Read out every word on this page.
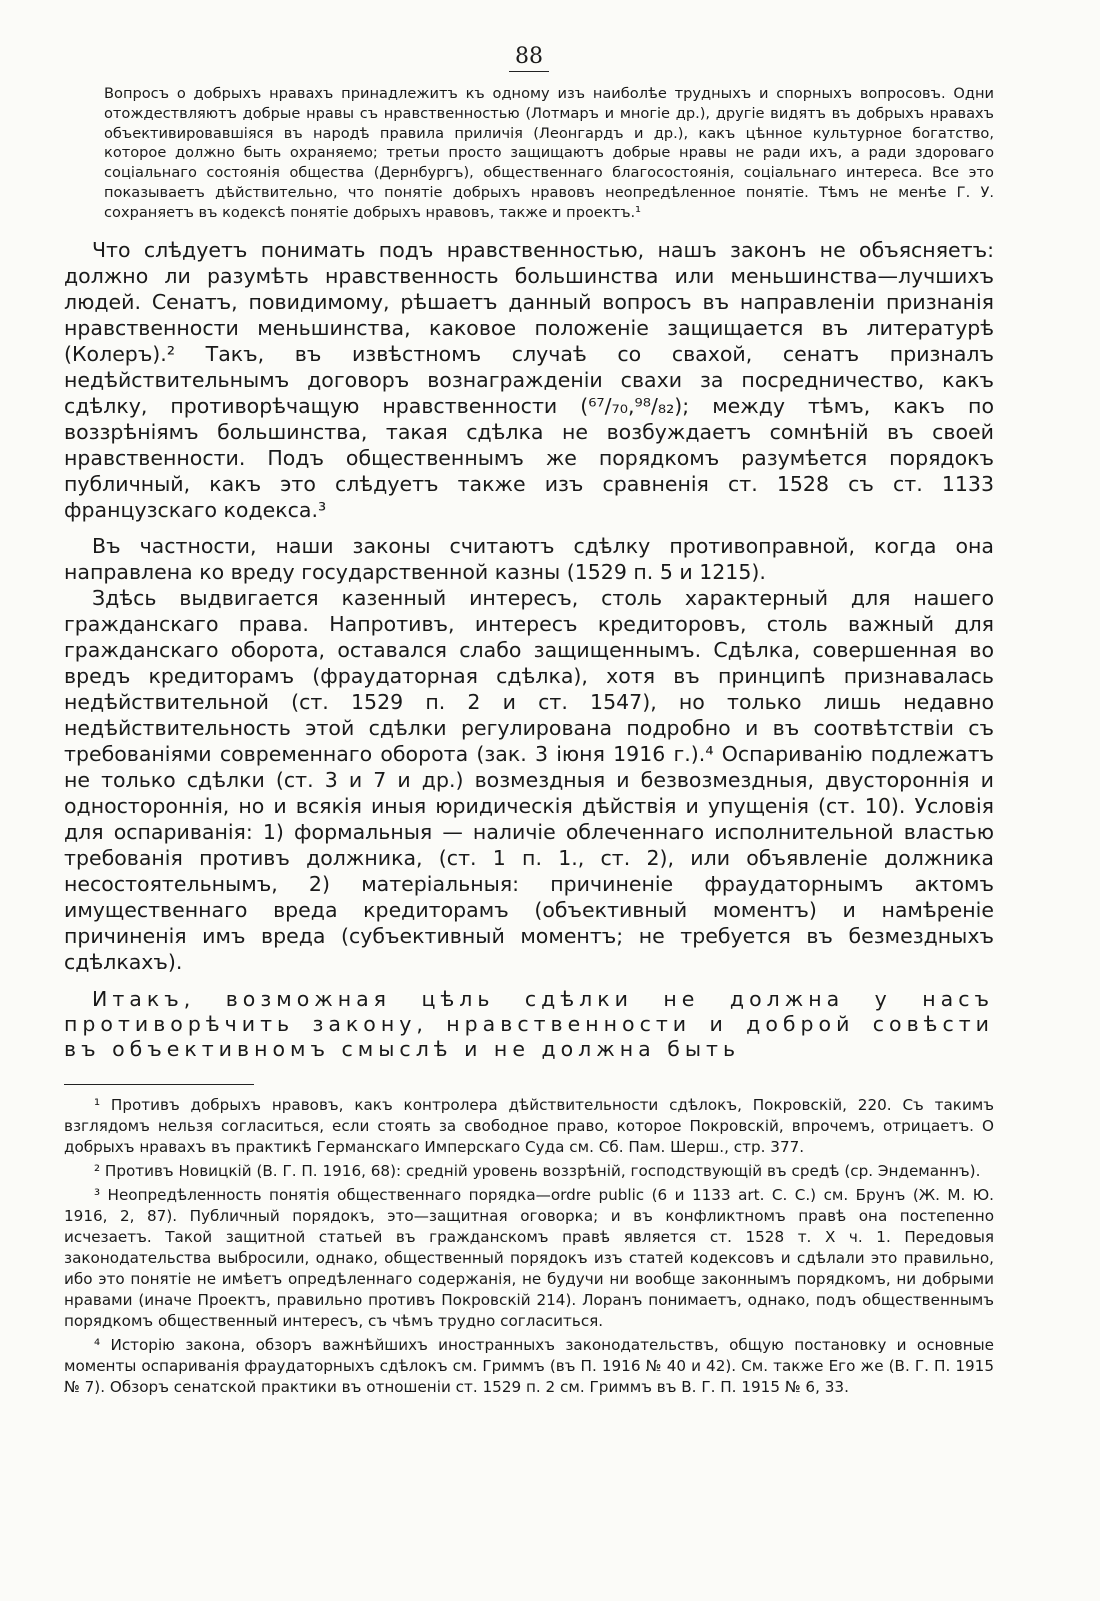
88

Вопросъ о добрыхъ нравахъ принадлежитъ къ одному изъ наиболѣе трудныхъ и спорныхъ вопросовъ. Одни отождествляютъ добрые нравы съ нравственностью (Лотмаръ и многіе др.), другіе видятъ въ добрыхъ нравахъ объективировавшіяся въ народѣ правила приличія (Леонгардъ и др.), какъ цѣнное культурное богатство, которое должно быть охраняемо; третьи просто защищаютъ добрые нравы не ради ихъ, а ради здороваго соціальнаго состоянія общества (Дернбургъ), общественнаго благосостоянія, соціальнаго интереса. Все это показываетъ дѣйствительно, что понятіе добрыхъ нравовъ неопредѣленное понятіе. Тѣмъ не менѣе Г. У. сохраняетъ въ кодексѣ понятіе добрыхъ нравовъ, также и проектъ.¹

Что слѣдуетъ понимать подъ нравственностью, нашъ законъ не объясняетъ: должно ли разумѣть нравственность большинства или меньшинства—лучшихъ людей. Сенатъ, повидимому, рѣшаетъ данный вопросъ въ направленіи признанія нравственности меньшинства, каковое положеніе защищается въ литературѣ (Колеръ).² Такъ, въ извѣстномъ случаѣ со свахой, сенатъ призналъ недѣйствительнымъ договоръ вознагражденіи свахи за посредничество, какъ сдѣлку, противорѣчащую нравственности (⁶⁷/₇₀,⁹⁸/₈₂); между тѣмъ, какъ по воззрѣніямъ большинства, такая сдѣлка не возбуждаетъ сомнѣній въ своей нравственности. Подъ общественнымъ же порядкомъ разумѣется порядокъ публичный, какъ это слѣдуетъ также изъ сравненія ст. 1528 съ ст. 1133 французскаго кодекса.³

Въ частности, наши законы считаютъ сдѣлку противоправной, когда она направлена ко вреду государственной казны (1529 п. 5 и 1215).

Здѣсь выдвигается казенный интересъ, столь характерный для нашего гражданскаго права. Напротивъ, интересъ кредиторовъ, столь важный для гражданскаго оборота, оставался слабо защищеннымъ. Сдѣлка, совершенная во вредъ кредиторамъ (фраудаторная сдѣлка), хотя въ принципѣ признавалась недѣйствительной (ст. 1529 п. 2 и ст. 1547), но только лишь недавно недѣйствительность этой сдѣлки регулирована подробно и въ соотвѣтствіи съ требованіями современнаго оборота (зак. 3 іюня 1916 г.).⁴ Оспариванію подлежатъ не только сдѣлки (ст. 3 и 7 и др.) возмездныя и безвозмездныя, двустороннія и одностороннія, но и всякія иныя юридическія дѣйствія и упущенія (ст. 10). Условія для оспариванія: 1) формальныя — наличіе облеченнаго исполнительной властью требованія противъ должника, (ст. 1 п. 1., ст. 2), или объявленіе должника несостоятельнымъ, 2) матеріальныя: причиненіе фраудаторнымъ актомъ имущественнаго вреда кредиторамъ (объективный моментъ) и намѣреніе причиненія имъ вреда (субъективный моментъ; не требуется въ безмездныхъ сдѣлкахъ).

Итакъ, возможная цѣль сдѣлки не должна у насъ противорѣчить закону, нравственности и доброй совѣсти въ объективномъ смыслѣ и не должна быть

¹ Противъ добрыхъ нравовъ, какъ контролера дѣйствительности сдѣлокъ, Покровскій, 220. Съ такимъ взглядомъ нельзя согласиться, если стоять за свободное право, которое Покровскій, впрочемъ, отрицаетъ. О добрыхъ нравахъ въ практикѣ Германскаго Имперскаго Суда см. Сб. Пам. Шерш., стр. 377.

² Противъ Новицкій (В. Г. П. 1916, 68): средній уровень воззрѣній, господствующій въ средѣ (ср. Эндеманнъ).

³ Неопредѣленность понятія общественнаго порядка—ordre public (6 и 1133 art. C. C.) см. Брунъ (Ж. М. Ю. 1916, 2, 87). Публичный порядокъ, это—защитная оговорка; и въ конфликтномъ правѣ она постепенно исчезаетъ. Такой защитной статьей въ гражданскомъ правѣ является ст. 1528 т. X ч. 1. Передовыя законодательства выбросили, однако, общественный порядокъ изъ статей кодексовъ и сдѣлали это правильно, ибо это понятіе не имѣетъ опредѣленнаго содержанія, не будучи ни вообще законнымъ порядкомъ, ни добрыми нравами (иначе Проектъ, правильно противъ Покровскій 214). Лоранъ понимаетъ, однако, подъ общественнымъ порядкомъ общественный интересъ, съ чѣмъ трудно согласиться.

⁴ Исторію закона, обзоръ важнѣйшихъ иностранныхъ законодательствъ, общую постановку и основные моменты оспариванія фраудаторныхъ сдѣлокъ см. Гриммъ (въ П. 1916 № 40 и 42). См. также Его же (В. Г. П. 1915 № 7). Обзоръ сенатской практики въ отношеніи ст. 1529 п. 2 см. Гриммъ въ В. Г. П. 1915 № 6, 33.
